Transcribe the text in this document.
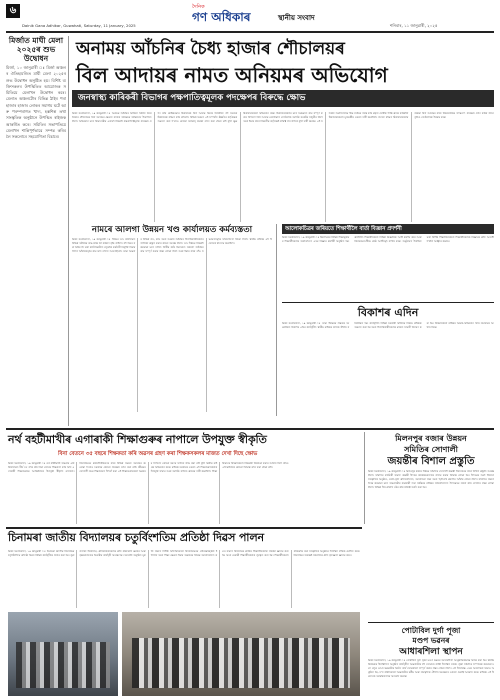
৬	দৈনিক
গণ অধিকাৰ	স্থানীয় সংবাদ
Dainik Gana Adhikar, Guwahati, Saturday, 11 January, 2025	শনিবাৰ, ১১ জানুৱাৰী, ২০২৫
মিৰ্জাত মাঘী মেলা ২০২৫ৰ শুভ উদ্বোধন
মিৰ্জা, ১০ জানুৱাৰী ঃ মিৰ্জা অঞ্চলৰ ঐতিহ্যমণ্ডিত মাঘী মেলা ২০২৫ৰ শুভ উদ্বোধন অনুষ্ঠিত হয়। বিশিষ্ট ব্যক্তিসকলৰ উপস্থিতিত আয়োজক সমিতিয়ে মেলাখন উদ্বোধন কৰে। মেলাত অঞ্চলটোৰ বিভিন্ন ঠাইৰ পৰা হাজাৰ হাজাৰ লোকৰ সমাগম ঘটে আৰু পৰম্পৰাগত খাদ্য, হস্তশিল্প তথা সাংস্কৃতিক অনুষ্ঠানে উপস্থিত ৰাইজক আকৰ্ষিত কৰে। সমিতিৰ সভাপতিয়ে মেলাখন শান্তিপূৰ্ণভাৱে সম্পন্ন কৰিবলৈ সকলোৰে সহযোগিতা বিচাৰে।
অনাময় আঁচনিৰ চৈধ্য হাজাৰ শৌচালয়ৰ
বিল আদায়ৰ নামত অনিয়মৰ অভিযোগ
জনস্বাস্থ্য কাৰিকৰী বিভাগৰ পক্ষপাতিত্বমূলক পদক্ষেপৰ বিৰুদ্ধে ক্ষোভ
নিজা সংবাদদাতা, ১০ জানুৱাৰী ঃ অনাময় আঁচনিৰ অধীনত নিৰ্মিত চৈধ্য হাজাৰ শৌচালয়ৰ বিল আদায়ৰ ক্ষেত্ৰত ব্যাপক অনিয়মৰ অভিযোগ উত্থাপিত হৈছে। অভিযোগ মতে বিভাগটোৰ একাংশ বিষয়াই পক্ষপাতিত্বমূলক পদক্ষেপ গ্ৰহণ কৰি কেইজনমান ঠিকাদাৰক বিল আদায় দিয়াৰ বিপৰীতে বহু সংখ্যক ঠিকাদাৰক বঞ্চিত কৰি ৰাখিছে। বিভিন্ন সময়ত এই সম্পৰ্কত ঊৰ্ধ্বতন কৰ্তৃপক্ষক অৱগত কৰা হ'লেও কোনো ফলপ্ৰসূ ব্যৱস্থা গ্ৰহণ কৰা হোৱা নাই বুলি ক্ষুব্ধ ঠিকাদাৰসকলে অভিযোগ কৰে। ঠিকাদাৰসকলৰ মতে সময়মতে কাম সম্পূৰ্ণ কৰাৰ পিছতো বিল আদায় নোহোৱাত তেওঁলোক আৰ্থিক সংকটৰ সন্মুখীন হৈছে আৰু ইয়াৰ বাবে বিভাগীয় কৰ্তৃপক্ষই দায়িত্ব লব লাগিব বুলি দাবী জনায়। এই সন্দৰ্ভত অনতিপলমে উচ্চ পৰ্যায়ৰ তদন্ত কৰি প্ৰকৃত দোষীক শাস্তি প্ৰদান কৰিবলৈ ঠিকাদাৰসকলে মুখ্যমন্ত্ৰীৰ ওচৰত দাবী জনাইছে। লগতে বঞ্চিত ঠিকাদাৰসকলৰ বকেয়া বিল আদায়ৰ বাবে বিভাগটোৱে তৎক্ষণাৎ পদক্ষেপ গ্ৰহণ কৰিব লাগে বুলিও তেওঁলোকে উল্লেখ কৰে।
নামৰে আলগা উন্নয়ন খণ্ড কাৰ্যালয়ত কৰ্মব্যস্ততা
নিজা সংবাদদাতা, ১০ জানুৱাৰী ঃ উন্নয়ন খণ্ড কাৰ্যালয়ত বিভিন্ন আঁচনিৰ কাম-কাজ লৈ ব্যস্ততা বৃদ্ধি পাইছে। বহু দিনৰ পৰা স্থবিৰ হৈ থকা কাৰ্যালয়টোত নতুনকৈ কৰ্মচাৰী নিযুক্তি দিয়াৰ পিছত আঁচনিসমূহৰ কাম দ্ৰুত গতিত আগবাঢ়িছে। গ্ৰাম্য অঞ্চলৰ বিভিন্ন পথ, দলং আৰু আৱাস আঁচনিৰ হিতাধিকাৰীসকলৰ তালিকা প্ৰস্তুত কৰাৰ কামো আৰম্ভ হৈছে। খণ্ড উন্নয়ন বিষয়াই জনোৱা মতে চলিত বিত্তীয় বৰ্ষৰ ভিতৰতে সকলো আঁচনিৰ কাম সম্পূৰ্ণ কৰাৰ লক্ষ্য লোৱা হৈছে আৰু ইয়াৰ বাবে গাঁও পঞ্চায়তসমূহৰ সহযোগিতা বিচৰা হৈছে। স্থানীয় ৰাইজে এই উদ্যোগক স্বাগতম জনাইছে।
আলোকচিত্ৰৰ জৰিয়তে শিক্ষাৰ্থীলৈ বাৰ্তা বিজ্ঞান প্ৰদৰ্শনী
নিজা সংবাদদাতা, ১০ জানুৱাৰী ঃ জিলাখনৰ বিভিন্ন শিক্ষানুষ্ঠানৰ শিক্ষাৰ্থীসকলৰ অংশগ্ৰহণত এখন বিজ্ঞান প্ৰদৰ্শনী অনুষ্ঠিত হয়। প্ৰদৰ্শনীত শিক্ষাৰ্থীসকলে বিভিন্ন বৈজ্ঞানিক আৰ্হি প্ৰদৰ্শন কৰে আৰু বিচাৰকমণ্ডলীয়ে শ্ৰেষ্ঠ আৰ্হিসমূহ বাছনি কৰে। অনুষ্ঠানত উপস্থিত থকা বিশিষ্ট শিক্ষাবিদসকলে শিক্ষাৰ্থীসকলক বিজ্ঞানৰ প্ৰতি আগ্ৰহী হ'বলৈ আহ্বান জনায়।
বিকাশৰ এদিন
নিজা সংবাদদাতা, ১০ জানুৱাৰী ঃ গ্ৰাম্য উন্নয়নৰ লক্ষ্যৰে আয়োজিত বিকাশৰ এদিন কাৰ্যসূচীত স্থানীয় ৰাইজৰ ব্যাপক সঁহাৰি পৰিলক্ষিত হয়। কাৰ্যসূচীত বিভিন্ন চৰকাৰী আঁচনিৰ বিষয়ে ৰাইজক অৱগত কৰা হয় আৰু হিতাধিকাৰীসকলৰ মাজত সামগ্ৰী বিতৰণ কৰা হয়। বিষয়াসকলে ৰাইজৰ অভাব-অভিযোগ শুনি সমাধানৰ আশ্বাস দিয়ে।
নৰ্থ বহটীমাখীৰ এগাৰাকী শিক্ষাগুৰুৰ নাপালে উপযুক্ত স্বীকৃতি
বিনা বেতনে ৩৫ বছৰে শিক্ষকতা কৰি অৱসৰ গ্ৰহণ কৰা শিক্ষকসকলৰ মাজত দেখা দিছে ক্ষোভ
নিজা সংবাদদাতা, ১০ জানুৱাৰী ঃ নৰ্থ বহটীমাখী অঞ্চলৰ এটা বিদ্যালয়ত দীৰ্ঘ ৩৫ বছৰ ধৰি বিনা বেতনে শিক্ষকতা কৰি অহা এগাৰাকী শিক্ষাগুৰুয়ে আজিলৈকে উপযুক্ত স্বীকৃতি নাপালে। বিদ্যালয়খন প্ৰাদেশিকীকৰণৰ বাবে বিভিন্ন সময়ত আবেদন জনোৱা হ'লেও চৰকাৰে কোনো পদক্ষেপ গ্ৰহণ কৰা নাই। জীৱনৰ সোণালী সময় শিক্ষাদানত উছৰ্গা কৰা এই শিক্ষাগুৰুসকলে অৱসৰৰ পিছতো কোনো ধৰণৰ সাহায্য লাভ কৰা নাই বুলি স্থানীয় ৰাইজে অভিযোগ কৰে। ৰাইজে চৰকাৰৰ ওচৰত এই শিক্ষাগুৰুসকলক উপযুক্ত সন্মান আৰু আৰ্থিক সাহায্য প্ৰদানৰ দাবী জনাইছে। শিক্ষা বিভাগৰ বিষয়াসকলে বিষয়টো বিবেচনা কৰাৰ আশ্বাস দিছে যদিও এতিয়ালৈকে কোনো সিদ্ধান্ত গ্ৰহণ কৰা হোৱা নাই।
মিলনপুৰ বজাৰ উন্নয়ন
সমিতিৰ সোণালী
জয়ন্তীৰ বিশাল প্ৰস্তুতি
নিজা সংবাদদাতা, ১০ জানুৱাৰী ঃ মিলনপুৰ বজাৰ উন্নয়ন সমিতিৰ সোণালী জয়ন্তী উদযাপনৰ বাবে বিশাল প্ৰস্তুতি আৰম্ভ হৈছে। সমিতিৰ কাৰ্যকৰী সভাত জয়ন্তী উৎসৱ জাকজমকতাৰে পালন কৰাৰ সিদ্ধান্ত লোৱা হয়। উৎসৱৰ অংশ হিচাপে সাংস্কৃতিক অনুষ্ঠান, খেলা-ধূলা প্ৰতিযোগিতা, আলোচনা সভা আৰু স্মৃতিগ্ৰন্থ প্ৰকাশৰ আঁচনি লোৱা হৈছে। সমিতিৰ সভাপতিয়ে জনোৱা মতে অঞ্চলটোৰ ব্যৱসায়ী তথা সৰ্বস্তৰৰ ৰাইজৰ সহযোগিতাত উৎসৱখন সফল কৰি তোলাৰ লক্ষ্য লোৱা হৈছে। বিভিন্ন উপ-সমিতি গঠন কৰি দায়িত্ব অৰ্পণ কৰা হয়।
চিনামৰা জাতীয় বিদ্যালয়ৰ চতুৰ্বিংশতিম প্ৰতিষ্ঠা দিৱস পালন
নিজা সংবাদদাতা, ১০ জানুৱাৰী ঃ চিনামৰা জাতীয় বিদ্যালয়ৰ চতুৰ্বিংশতিম প্ৰতিষ্ঠা দিৱস বিভিন্ন কাৰ্যসূচীৰে পালন কৰা হয়। পুৱা পতাকা উত্তোলন, প্ৰতিষ্ঠাপকসকলৰ প্ৰতি শ্ৰদ্ধাঞ্জলি জ্ঞাপন আৰু বৃক্ষৰোপণেৰে দিনটোৰ কাৰ্যসূচী আৰম্ভ হয়। আবেলি অনুষ্ঠিত মুকলি সভাত বিশিষ্ট অতিথিসকলে বিদ্যালয়খনৰ গৌৰৱোজ্জ্বল ইতিহাস আৰু শিক্ষা ক্ষেত্ৰত ইয়াৰ অৱদানৰ বিষয়ে আলোকপাত কৰে। সভাত বিদ্যালয়ৰ প্ৰাক্তন শিক্ষাৰ্থীসকলক সম্বৰ্ধনা জ্ঞাপন কৰা হয় আৰু মেধাৱী শিক্ষাৰ্থীসকলক পুৰস্কৃত কৰা হয়। শিক্ষাৰ্থীসকলে পৰিৱেশন কৰা সাংস্কৃতিক অনুষ্ঠানে উপস্থিত দৰ্শকক মোহিত কৰে। বিদ্যালয়ৰ অধ্যক্ষই সকলোৰে প্ৰতি কৃতজ্ঞতা জ্ঞাপন কৰে।
পোটাবিল দুৰ্গা পূজা
মণ্ডপ ভৱনৰ
আধাৰশিলা স্থাপন
নিজা সংবাদদাতা, ১০ জানুৱাৰী ঃ পোটাবিল দুৰ্গা পূজা মণ্ডপ ভৱনৰ আধাৰশিলা আনুষ্ঠানিকভাৱে স্থাপন কৰা হয়। স্থানীয় বিধায়কৰ উপস্থিতিত অনুষ্ঠিত কাৰ্যসূচীত অঞ্চলটোৰ বহু গণ্যমান্য ব্যক্তি উপস্থিত থাকে। পূজা সমিতিৰ সম্পাদকে জনোৱা মতে নতুন মণ্ডপ ভৱনটোৰ নিৰ্মাণ কাৰ্য সোনকালে সম্পূৰ্ণ কৰাৰ লক্ষ্য লোৱা হৈছে। এই উপলক্ষে এখন আলোচনা সভাও অনুষ্ঠিত হয়, য'ত বক্তাসকলে অঞ্চলটোৰ ধৰ্মীয় আৰু সাংস্কৃতিক ঐতিহ্য সংৰক্ষণৰ ওপৰত গুৰুত্ব আৰোপ কৰে। ৰাইজে এই উদ্যোগক আন্তৰিকতাৰে আদৰণি জনায়।
